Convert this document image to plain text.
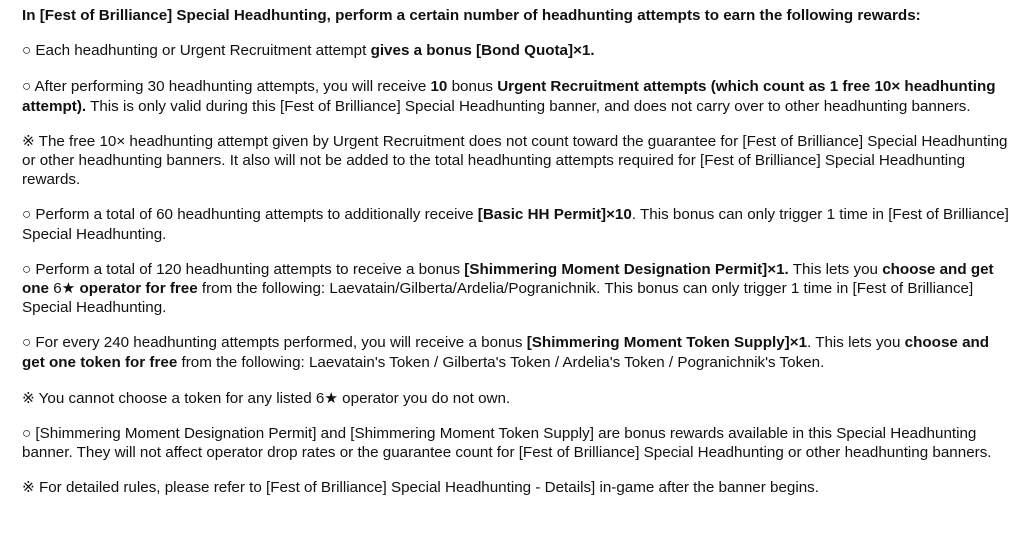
In [Fest of Brilliance] Special Headhunting, perform a certain number of headhunting attempts to earn the following rewards:
○ Each headhunting or Urgent Recruitment attempt gives a bonus [Bond Quota]×1.
○ After performing 30 headhunting attempts, you will receive 10 bonus Urgent Recruitment attempts (which count as 1 free 10× headhunting attempt). This is only valid during this [Fest of Brilliance] Special Headhunting banner, and does not carry over to other headhunting banners.
※ The free 10× headhunting attempt given by Urgent Recruitment does not count toward the guarantee for [Fest of Brilliance] Special Headhunting or other headhunting banners. It also will not be added to the total headhunting attempts required for [Fest of Brilliance] Special Headhunting rewards.
○ Perform a total of 60 headhunting attempts to additionally receive [Basic HH Permit]×10. This bonus can only trigger 1 time in [Fest of Brilliance] Special Headhunting.
○ Perform a total of 120 headhunting attempts to receive a bonus [Shimmering Moment Designation Permit]×1. This lets you choose and get one 6★ operator for free from the following: Laevatain/Gilberta/Ardelia/Pogranichnik. This bonus can only trigger 1 time in [Fest of Brilliance] Special Headhunting.
○ For every 240 headhunting attempts performed, you will receive a bonus [Shimmering Moment Token Supply]×1. This lets you choose and get one token for free from the following: Laevatain's Token / Gilberta's Token / Ardelia's Token / Pogranichnik's Token.
※ You cannot choose a token for any listed 6★ operator you do not own.
○ [Shimmering Moment Designation Permit] and [Shimmering Moment Token Supply] are bonus rewards available in this Special Headhunting banner. They will not affect operator drop rates or the guarantee count for [Fest of Brilliance] Special Headhunting or other headhunting banners.
※ For detailed rules, please refer to [Fest of Brilliance] Special Headhunting - Details] in-game after the banner begins.
